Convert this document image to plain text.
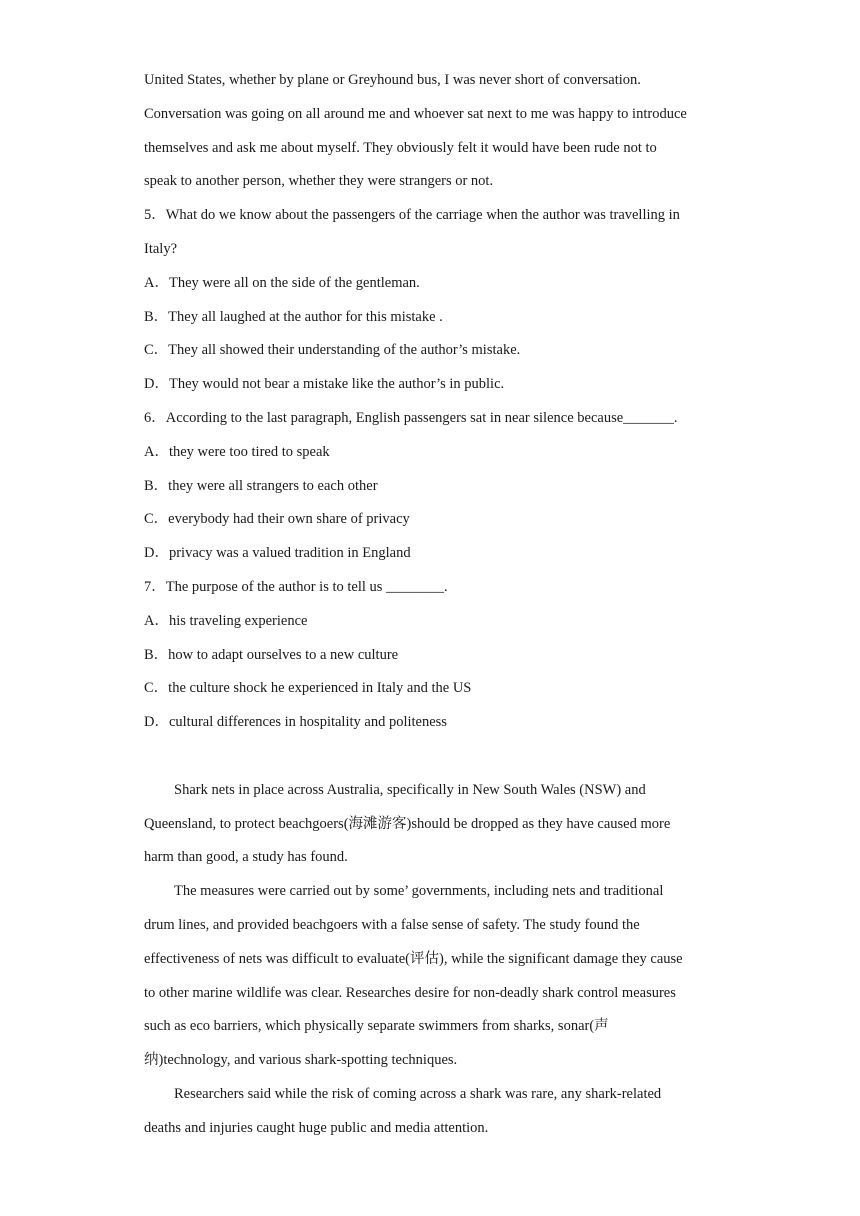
United States, whether by plane or Greyhound bus, I was never short of conversation.
Conversation was going on all around me and whoever sat next to me was happy to introduce
themselves and ask me about myself. They obviously felt it would have been rude not to
speak to another person, whether they were strangers or not.
5．What do we know about the passengers of the carriage when the author was travelling in
Italy?
A．They were all on the side of the gentleman.
B．They all laughed at the author for this mistake .
C．They all showed their understanding of the author’s mistake.
D．They would not bear a mistake like the author’s in public.
6．According to the last paragraph, English passengers sat in near silence because_______.
A．they were too tired to speak
B．they were all strangers to each other
C．everybody had their own share of privacy
D．privacy was a valued tradition in England
7．The purpose of the author is to tell us ________.
A．his traveling experience
B．how to adapt ourselves to a new culture
C．the culture shock he experienced in Italy and the US
D．cultural differences in hospitality and politeness
Shark nets in place across Australia, specifically in New South Wales (NSW) and
Queensland, to protect beachgoers(海滩游客)should be dropped as they have caused more
harm than good, a study has found.
The measures were carried out by some’ governments, including nets and traditional
drum lines, and provided beachgoers with a false sense of safety. The study found the
effectiveness of nets was difficult to evaluate(评估), while the significant damage they cause
to other marine wildlife was clear. Researches desire for non-deadly shark control measures
such as eco barriers, which physically separate swimmers from sharks, sonar(声
纳)technology, and various shark-spotting techniques.
Researchers said while the risk of coming across a shark was rare, any shark-related
deaths and injuries caught huge public and media attention.
